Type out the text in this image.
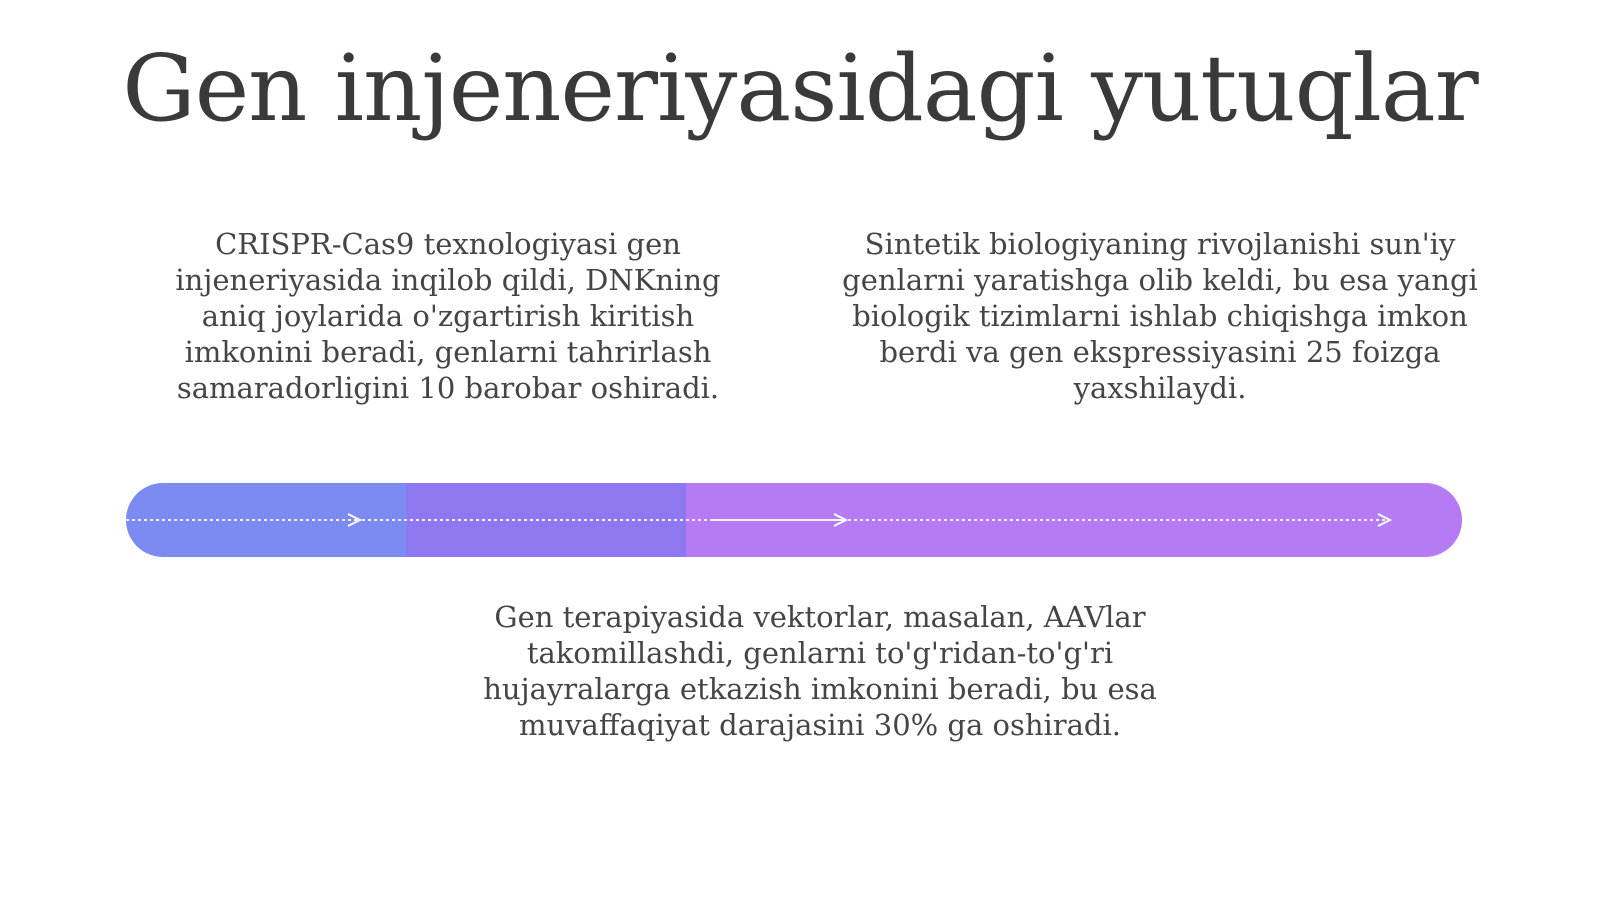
Gen injeneriyasidagi yutuqlar

CRISPR-Cas9 texnologiyasi gen injeneriyasida inqilob qildi, DNKning aniq joylarida o'zgartirish kiritish imkonini beradi, genlarni tahrirlash samaradorligini 10 barobar oshiradi.

Sintetik biologiyaning rivojlanishi sun'iy genlarni yaratishga olib keldi, bu esa yangi biologik tizimlarni ishlab chiqishga imkon berdi va gen ekspressiyasini 25 foizga yaxshilaydi.

Gen terapiyasida vektorlar, masalan, AAVlar takomillashdi, genlarni to'g'ridan-to'g'ri hujayralarga etkazish imkonini beradi, bu esa muvaffaqiyat darajasini 30% ga oshiradi.
